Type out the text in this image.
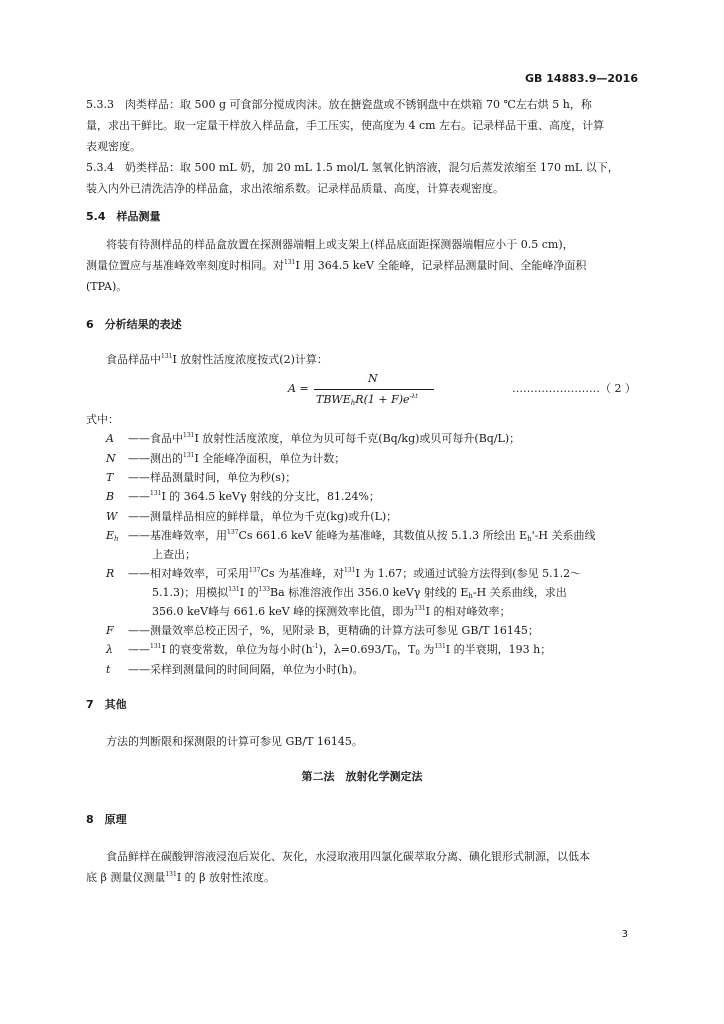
GB 14883.9—2016
5.3.3　肉类样品：取 500 g 可食部分搅成肉沫。放在搪瓷盘或不锈钢盘中在烘箱 70 ℃左右烘 5 h，称
量，求出干鲜比。取一定量干样放入样品盒，手工压实，使高度为 4 cm 左右。记录样品干重、高度，计算
表观密度。
5.3.4　奶类样品：取 500 mL 奶，加 20 mL 1.5 mol/L 氢氧化钠溶液，混匀后蒸发浓缩至 170 mL 以下，
装入内外已清洗洁净的样品盒，求出浓缩系数。记录样品质量、高度，计算表观密度。
5.4　样品测量
将装有待测样品的样品盒放置在探测器端帽上或支架上(样品底面距探测器端帽应小于 0.5 cm)，
测量位置应与基准峰效率刻度时相同。对$^{131}$I 用 364.5 keV 全能峰，记录样品测量时间、全能峰净面积
(TPA)。
6　分析结果的表述
食品样品中$^{131}$I 放射性活度浓度按式(2)计算：
A =
N
$TBWE_hR(1 + F)e^{-\lambda t}$
……………………（ 2 ）
式中：
A ——食品中$^{131}$I 放射性活度浓度，单位为贝可每千克(Bq/kg)或贝可每升(Bq/L)；
N ——测出的$^{131}$I 全能峰净面积，单位为计数；
T ——样品测量时间，单位为秒(s)；
B ——$^{131}$I 的 364.5 keVγ 射线的分支比，81.24%；
W ——测量样品相应的鲜样量，单位为千克(kg)或升(L)；
$E_h$ ——基准峰效率，用$^{137}$Cs 661.6 keV 能峰为基准峰，其数值从按 5.1.3 所绘出 $E_h'-H$ 关系曲线
上查出；
R ——相对峰效率，可采用$^{137}$Cs 为基准峰，对$^{131}$I 为 1.67；或通过试验方法得到(参见 5.1.2～
5.1.3)；用模拟$^{131}$I 的$^{133}$Ba 标准溶液作出 356.0 keVγ 射线的 $E_h-H$ 关系曲线，求出
356.0 keV峰与 661.6 keV 峰的探测效率比值，即为$^{131}$I 的相对峰效率；
F ——测量效率总校正因子，%，见附录 B，更精确的计算方法可参见 GB/T 16145；
λ ——$^{131}$I 的衰变常数，单位为每小时$(h^{-1})$，$\lambda=0.693/T_0$，$T_0$ 为$^{131}$I 的半衰期，193 h；
t ——采样到测量间的时间间隔，单位为小时(h)。
7　其他
方法的判断限和探测限的计算可参见 GB/T 16145。
第二法　放射化学测定法
8　原理
食品鲜样在碳酸钾溶液浸泡后炭化、灰化，水浸取液用四氯化碳萃取分离、碘化银形式制源，以低本
底 β 测量仪测量$^{131}$I 的 β 放射性浓度。
3
